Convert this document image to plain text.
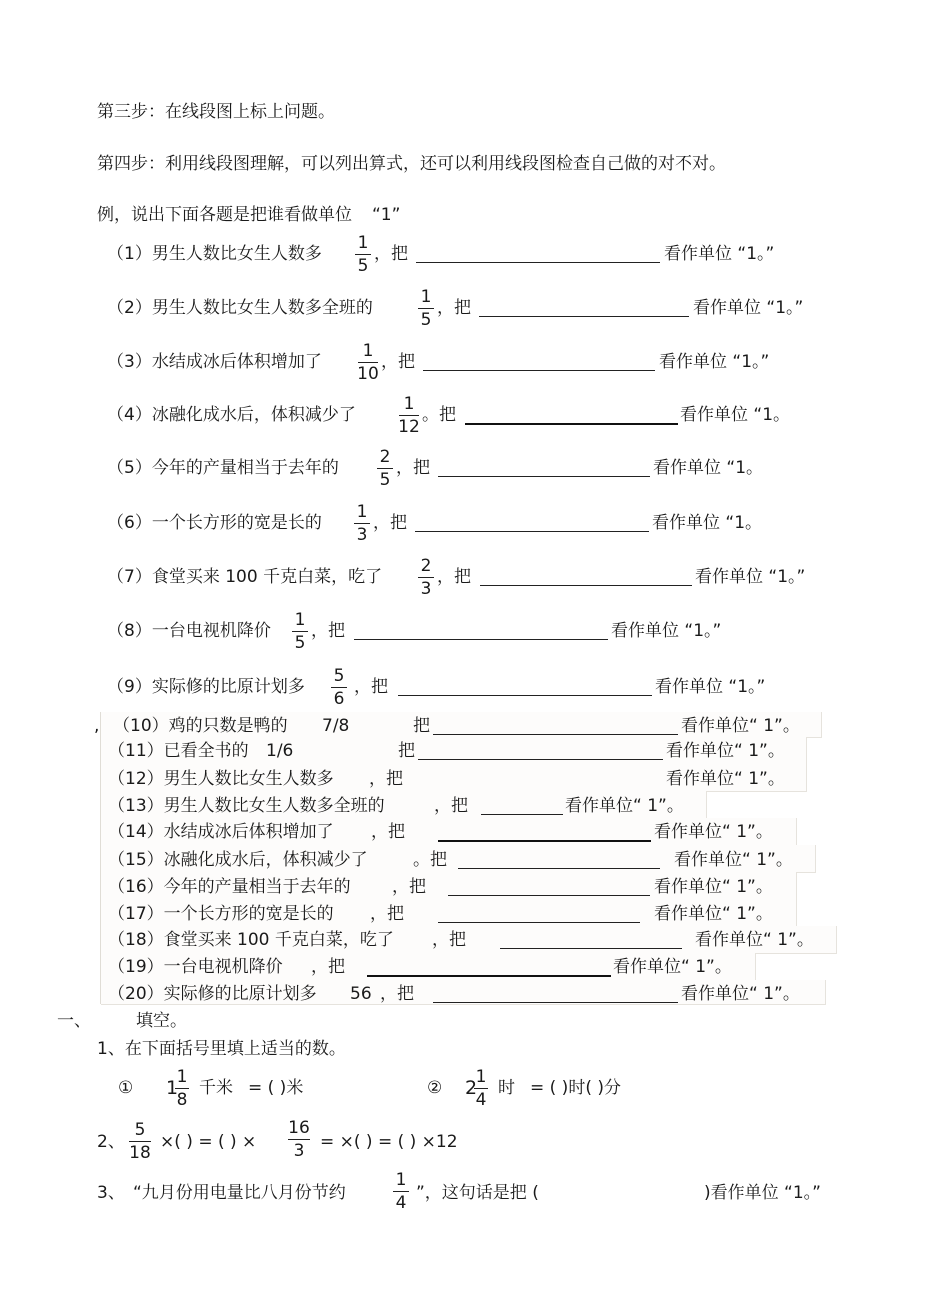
第三步：在线段图上标上问题。
第四步：利用线段图理解，可以列出算式，还可以利用线段图检查自己做的对不对。
例，说出下面各题是把谁看做单位 “1”
（1）男生人数比女生人数多
1
5
，把	看作单位 “1。”
（2）男生人数比女生人数多全班的
1
5
，把	看作单位 “1。”
（3）水结成冰后体积增加了
1
10
，把	看作单位 “1。”
（4）冰融化成水后，体积减少了
1
12
。把	看作单位 “1。
（5）今年的产量相当于去年的
2
5
，把	看作单位 “1。
（6）一个长方形的宽是长的
1
3
，把	看作单位 “1。
（7）食堂买来 100 千克白菜，吃了
2
3
，把	看作单位 “1。”
（8）一台电视机降价
1
5
，把	看作单位 “1。”
（9）实际修的比原计划多
5
6
，把	看作单位 “1。”
, （10）鸡的只数是鸭的 7/8	把	看作单位“ 1”。
（11）已看全书的 1/6	把	看作单位“ 1”。
（12）男生人数比女生人数多 ，把	看作单位“ 1”。
（13）男生人数比女生人数多全班的	，把	看作单位“ 1”。
（14）水结成冰后体积增加了 ，把	看作单位“ 1”。
（15）冰融化成水后，体积减少了	。把	看作单位“ 1”。
（16）今年的产量相当于去年的 ，把	看作单位“ 1”。
（17）一个长方形的宽是长的 ，把	看作单位“ 1”。
（18）食堂买来 100 千克白菜，吃了 ，把	看作单位“ 1”。
（19）一台电视机降价 ，把	看作单位“ 1”。
（20）实际修的比原计划多 56 ，把	看作单位“ 1”。
一、	填空。
1、在下面括号里填上适当的数。
① 1
1
8
千米 = ( )米	② 2
1
4
时 = ( )时( )分
2、
5
18
×( ) = ( ) ×
16
3 = ×( ) = ( ) ×12
3、 “九月份用电量比八月份节约
1
4 ”，这句话是把 (	)看作单位 “1。”
